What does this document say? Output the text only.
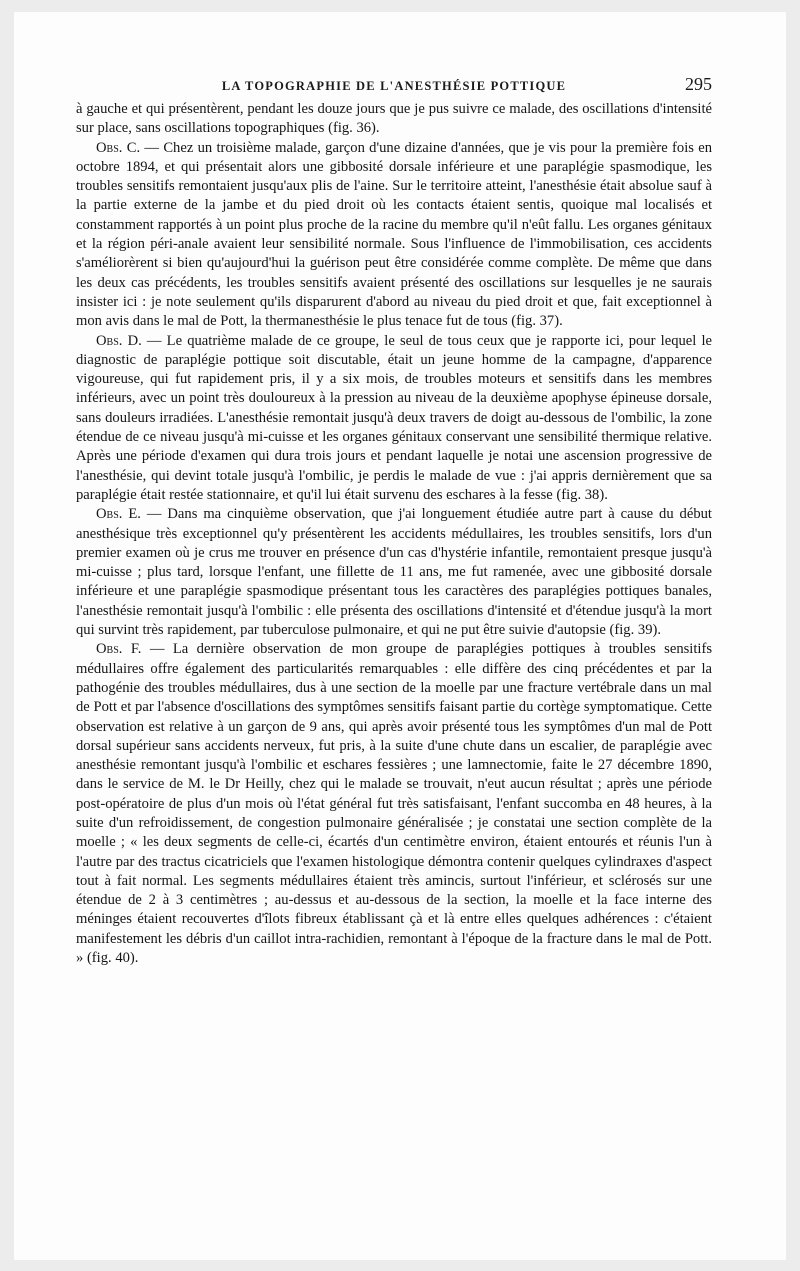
LA TOPOGRAPHIE DE L'ANESTHÉSIE POTTIQUE	295

à gauche et qui présentèrent, pendant les douze jours que je pus suivre ce malade, des oscillations d'intensité sur place, sans oscillations topographiques (fig. 36).

Obs. C. — Chez un troisième malade, garçon d'une dizaine d'années, que je vis pour la première fois en octobre 1894, et qui présentait alors une gibbosité dorsale inférieure et une paraplégie spasmodique, les troubles sensitifs remontaient jusqu'aux plis de l'aine. Sur le territoire atteint, l'anesthésie était absolue sauf à la partie externe de la jambe et du pied droit où les contacts étaient sentis, quoique mal localisés et constamment rapportés à un point plus proche de la racine du membre qu'il n'eût fallu. Les organes génitaux et la région péri-anale avaient leur sensibilité normale. Sous l'influence de l'immobilisation, ces accidents s'améliorèrent si bien qu'aujourd'hui la guérison peut être considérée comme complète. De même que dans les deux cas précédents, les troubles sensitifs avaient présenté des oscillations sur lesquelles je ne saurais insister ici : je note seulement qu'ils disparurent d'abord au niveau du pied droit et que, fait exceptionnel à mon avis dans le mal de Pott, la thermanesthésie le plus tenace fut de tous (fig. 37).

Obs. D. — Le quatrième malade de ce groupe, le seul de tous ceux que je rapporte ici, pour lequel le diagnostic de paraplégie pottique soit discutable, était un jeune homme de la campagne, d'apparence vigoureuse, qui fut rapidement pris, il y a six mois, de troubles moteurs et sensitifs dans les membres inférieurs, avec un point très douloureux à la pression au niveau de la deuxième apophyse épineuse dorsale, sans douleurs irradiées. L'anesthésie remontait jusqu'à deux travers de doigt au-dessous de l'ombilic, la zone étendue de ce niveau jusqu'à mi-cuisse et les organes génitaux conservant une sensibilité thermique relative. Après une période d'examen qui dura trois jours et pendant laquelle je notai une ascension progressive de l'anesthésie, qui devint totale jusqu'à l'ombilic, je perdis le malade de vue : j'ai appris dernièrement que sa paraplégie était restée stationnaire, et qu'il lui était survenu des eschares à la fesse (fig. 38).

Obs. E. — Dans ma cinquième observation, que j'ai longuement étudiée autre part à cause du début anesthésique très exceptionnel qu'y présentèrent les accidents médullaires, les troubles sensitifs, lors d'un premier examen où je crus me trouver en présence d'un cas d'hystérie infantile, remontaient presque jusqu'à mi-cuisse ; plus tard, lorsque l'enfant, une fillette de 11 ans, me fut ramenée, avec une gibbosité dorsale inférieure et une paraplégie spasmodique présentant tous les caractères des paraplégies pottiques banales, l'anesthésie remontait jusqu'à l'ombilic : elle présenta des oscillations d'intensité et d'étendue jusqu'à la mort qui survint très rapidement, par tuberculose pulmonaire, et qui ne put être suivie d'autopsie (fig. 39).

Obs. F. — La dernière observation de mon groupe de paraplégies pottiques à troubles sensitifs médullaires offre également des particularités remarquables : elle diffère des cinq précédentes et par la pathogénie des troubles médullaires, dus à une section de la moelle par une fracture vertébrale dans un mal de Pott et par l'absence d'oscillations des symptômes sensitifs faisant partie du cortège symptomatique. Cette observation est relative à un garçon de 9 ans, qui après avoir présenté tous les symptômes d'un mal de Pott dorsal supérieur sans accidents nerveux, fut pris, à la suite d'une chute dans un escalier, de paraplégie avec anesthésie remontant jusqu'à l'ombilic et eschares fessières ; une lamnectomie, faite le 27 décembre 1890, dans le service de M. le Dr Heilly, chez qui le malade se trouvait, n'eut aucun résultat ; après une période post-opératoire de plus d'un mois où l'état général fut très satisfaisant, l'enfant succomba en 48 heures, à la suite d'un refroidissement, de congestion pulmonaire généralisée ; je constatai une section complète de la moelle ; « les deux segments de celle-ci, écartés d'un centimètre environ, étaient entourés et réunis l'un à l'autre par des tractus cicatriciels que l'examen histologique démontra contenir quelques cylindraxes d'aspect tout à fait normal. Les segments médullaires étaient très amincis, surtout l'inférieur, et sclérosés sur une étendue de 2 à 3 centimètres ; au-dessus et au-dessous de la section, la moelle et la face interne des méninges étaient recouvertes d'îlots fibreux établissant çà et là entre elles quelques adhérences : c'étaient manifestement les débris d'un caillot intra-rachidien, remontant à l'époque de la fracture dans le mal de Pott. » (fig. 40).
